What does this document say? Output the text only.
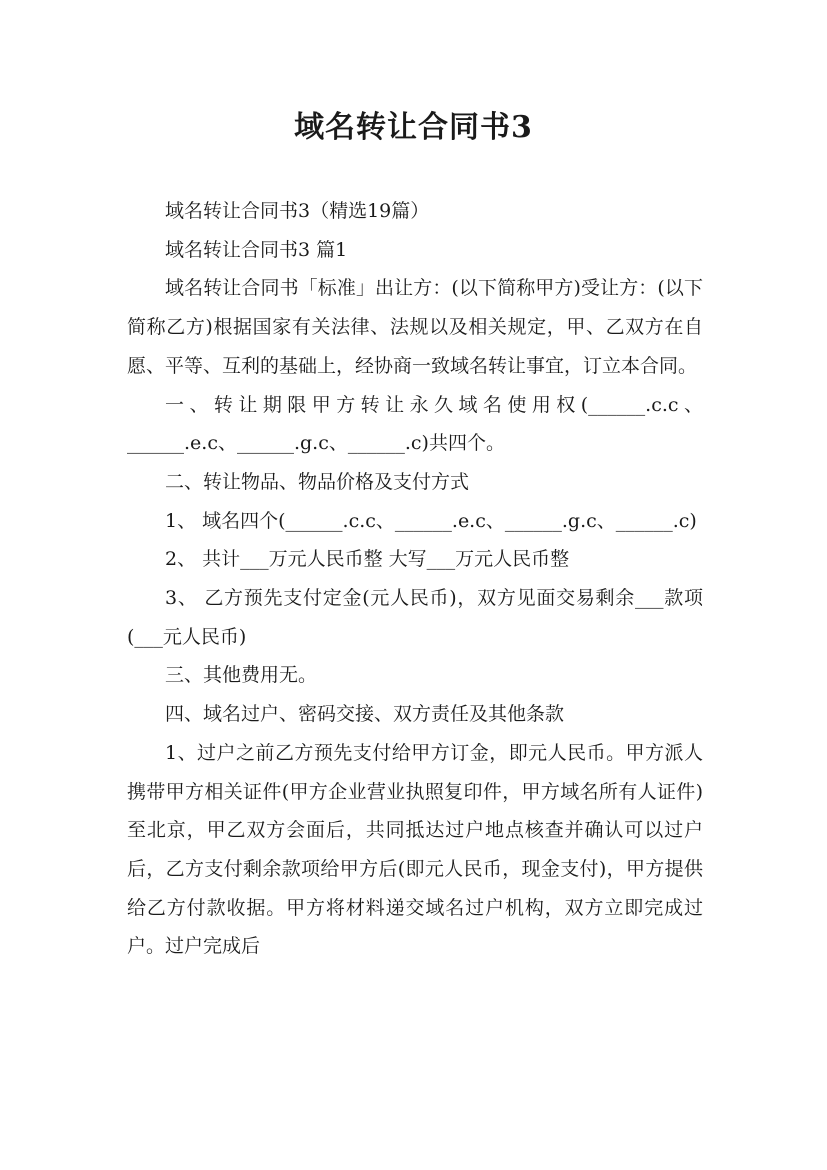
域名转让合同书3

域名转让合同书3（精选19篇）

域名转让合同书3 篇1

域名转让合同书「标准」出让方：(以下简称甲方)受让方：(以下简称乙方)根据国家有关法律、法规以及相关规定，甲、乙双方在自愿、平等、互利的基础上，经协商一致域名转让事宜，订立本合同。

一、转让期限甲方转让永久域名使用权(______.c.c、______.e.c、______.g.c、______.c)共四个。

二、转让物品、物品价格及支付方式

1、 域名四个(______.c.c、______.e.c、______.g.c、______.c)

2、 共计___万元人民币整 大写___万元人民币整

3、 乙方预先支付定金(元人民币)，双方见面交易剩余___款项(___元人民币)

三、其他费用无。

四、域名过户、密码交接、双方责任及其他条款

1、过户之前乙方预先支付给甲方订金，即元人民币。甲方派人携带甲方相关证件(甲方企业营业执照复印件，甲方域名所有人证件)至北京，甲乙双方会面后，共同抵达过户地点核查并确认可以过户后，乙方支付剩余款项给甲方后(即元人民币，现金支付)，甲方提供给乙方付款收据。甲方将材料递交域名过户机构，双方立即完成过户。过户完成后
